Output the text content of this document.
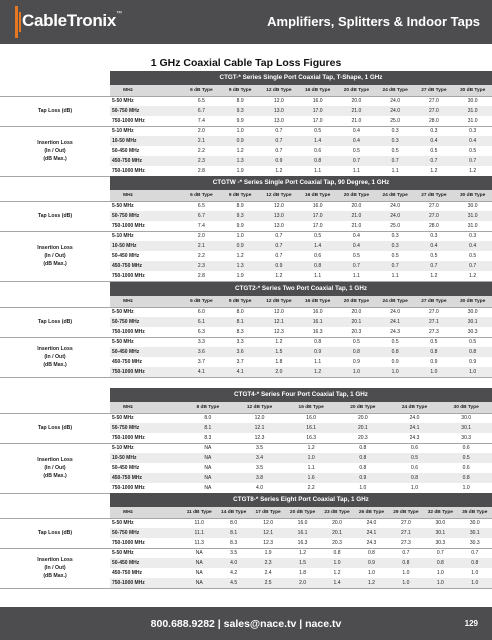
CableTronix™	Amplifiers, Splitters & Indoor Taps
1 GHz Coaxial Cable Tap Loss Figures
CTGT-* Series Single Port Coaxial Tap, T-Shape, 1 GHz
MHz	6 dB Type	9 dB Type	12 dB Type	16 dB Type	20 dB Type	24 dB Type	27 dB Type	30 dB Type
5-50 MHz	6.5	8.9	12.0	16.0	20.0	24.0	27.0	30.0
50-750 MHz	6.7	9.3	13.0	17.0	21.0	24.0	27.0	31.0
750-1000 MHz	7.4	9.9	13.0	17.0	21.0	25.0	28.0	31.0
Tap Loss (dB)
5-10 MHz	2.0	1.0	0.7	0.5	0.4	0.3	0.3	0.3
10-50 MHz	2.1	0.9	0.7	1.4	0.4	0.3	0.4	0.4
50-450 MHz	2.2	1.2	0.7	0.6	0.5	0.5	0.5	0.5
450-750 MHz	2.3	1.3	0.9	0.8	0.7	0.7	0.7	0.7
750-1000 MHz	2.8	1.9	1.2	1.1	1.1	1.1	1.2	1.2
Insertion Loss
(In / Out)
(dB Max.)
CTGTW -* Series Single Port Coaxial Tap, 90 Degree, 1 GHz
MHz	6 dB Type	9 dB Type	12 dB Type	16 dB Type	20 dB Type	24 dB Type	27 dB Type	30 dB Type
5-50 MHz	6.5	8.9	12.0	16.0	20.0	24.0	27.0	30.0
50-750 MHz	6.7	9.3	13.0	17.0	21.0	24.0	27.0	31.0
750-1000 MHz	7.4	9.9	13.0	17.0	21.0	25.0	28.0	31.0
Tap Loss (dB)
5-10 MHz	2.0	1.0	0.7	0.5	0.4	0.3	0.3	0.3
10-50 MHz	2.1	0.9	0.7	1.4	0.4	0.3	0.4	0.4
50-450 MHz	2.2	1.2	0.7	0.6	0.5	0.5	0.5	0.5
450-750 MHz	2.3	1.3	0.9	0.8	0.7	0.7	0.7	0.7
750-1000 MHz	2.8	1.9	1.2	1.1	1.1	1.1	1.2	1.2
Insertion Loss
(In / Out)
(dB Max.)
CTGT2-* Series Two Port Coaxial Tap, 1 GHz
MHz	6 dB Type	9 dB Type	12 dB Type	16 dB Type	20 dB Type	24 dB Type	27 dB Type	30 dB Type
5-50 MHz	6.0	8.0	12.0	16.0	20.0	24.0	27.0	30.0
50-750 MHz	6.1	8.1	12.1	16.1	20.1	24.1	27.1	30.1
750-1000 MHz	6.3	8.3	12.3	16.3	20.3	24.3	27.3	30.3
Tap Loss (dB)
5-50 MHz	3.3	3.3	1.2	0.8	0.5	0.5	0.5	0.5
50-450 MHz	3.6	3.6	1.5	0.9	0.8	0.8	0.8	0.8
450-750 MHz	3.7	3.7	1.8	1.1	0.9	0.9	0.9	0.9
750-1000 MHz	4.1	4.1	2.0	1.2	1.0	1.0	1.0	1.0
Insertion Loss
(In / Out)
(dB Max.)
CTGT4-* Series Four Port Coaxial Tap, 1 GHz
MHz	8 dB Type	12 dB Type	16 dB Type	20 dB Type	24 dB Type	30 dB Type
5-50 MHz	8.0	12.0	16.0	20.0	24.0	30.0
50-750 MHz	8.1	12.1	16.1	20.1	24.1	30.1
750-1000 MHz	8.3	12.3	16.3	20.3	24.3	30.3
Tap Loss (dB)
5-10 MHz	NA	3.5	1.2	0.8	0.6	0.6
10-50 MHz	NA	3.4	1.0	0.8	0.5	0.5
50-450 MHz	NA	3.5	1.1	0.8	0.6	0.6
450-750 MHz	NA	3.8	1.6	0.9	0.8	0.8
750-1000 MHz	NA	4.0	2.2	1.0	1.0	1.0
Insertion Loss
(In / Out)
(dB Max.)
CTGT8-* Series Eight Port Coaxial Tap, 1 GHz
MHz	11 dB Type 14 dB Type 17 dB Type 20 dB Type 23 dB Type 26 dB Type 29 dB Type 32 dB Type 35 dB Type
5-50 MHz	11.0	8.0	12.0	16.0	20.0	24.0	27.0	30.0	30.0
50-750 MHz	11.1	8.1	12.1	16.1	20.1	24.1	27.1	30.1	30.1
750-1000 MHz	11.3	8.3	12.3	16.3	20.3	24.3	27.3	30.3	30.3
Tap Loss (dB)
5-50 MHz	NA	3.5	1.9	1.2	0.8	0.8	0.7	0.7	0.7
50-450 MHz	NA	4.0	2.3	1.5	1.0	0.9	0.8	0.8	0.8
450-750 MHz	NA	4.2	2.4	1.8	1.2	1.0	1.0	1.0	1.0
750-1000 MHz	NA	4.5	2.5	2.0	1.4	1.2	1.0	1.0	1.0
Insertion Loss
(In / Out)
(dB Max.)
800.688.9282 | sales@nace.tv | nace.tv	129
